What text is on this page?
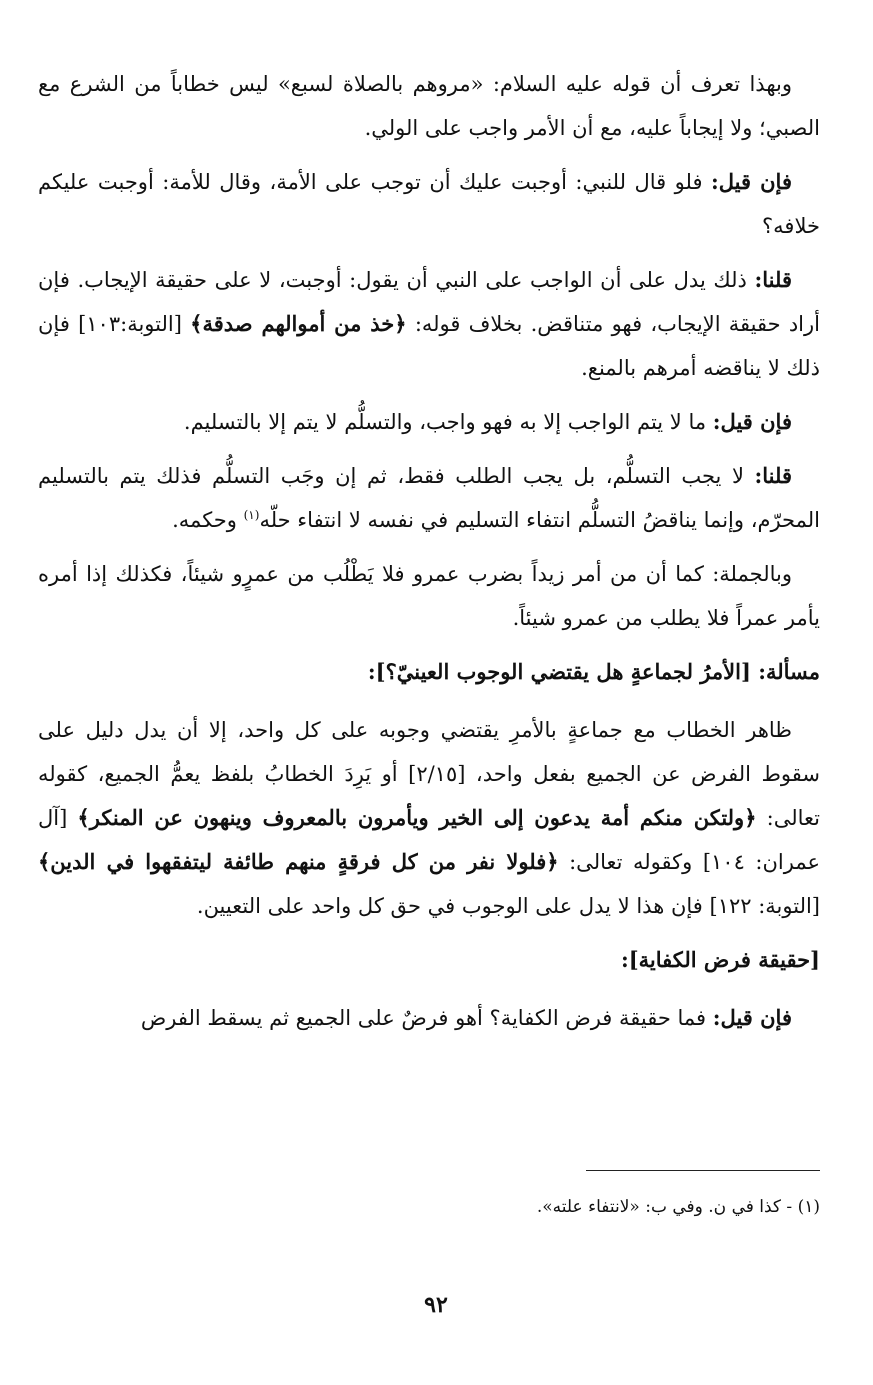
وبهذا تعرف أن قوله عليه السلام: «مروهم بالصلاة لسبع» ليس خطاباً من الشرع مع الصبي؛ ولا إيجاباً عليه، مع أن الأمر واجب على الولي.

فإن قيل: فلو قال للنبي: أوجبت عليك أن توجب على الأمة، وقال للأمة: أوجبت عليكم خلافه؟

قلنا: ذلك يدل على أن الواجب على النبي أن يقول: أوجبت، لا على حقيقة الإيجاب. فإن أراد حقيقة الإيجاب، فهو متناقض. بخلاف قوله: ﴿خذ من أموالهم صدقة﴾ [التوبة:١٠٣] فإن ذلك لا يناقضه أمرهم بالمنع.

فإن قيل: ما لا يتم الواجب إلا به فهو واجب، والتسلُّم لا يتم إلا بالتسليم.

قلنا: لا يجب التسلُّم، بل يجب الطلب فقط، ثم إن وجَب التسلُّم فذلك يتم بالتسليم المحرّم، وإنما يناقضُ التسلُّم انتفاء التسليم في نفسه لا انتفاء حلّه$^{(١)}$ وحكمه.

وبالجملة: كما أن من أمر زيداً بضرب عمرو فلا يَطْلُب من عمرٍو شيئاً، فكذلك إذا أمره يأمر عمراً فلا يطلب من عمرو شيئاً.

مسألة: [الأمرُ لجماعةٍ هل يقتضي الوجوب العينيّ؟]:

ظاهر الخطاب مع جماعةٍ بالأمرِ يقتضي وجوبه على كل واحد، إلا أن يدل دليل على سقوط الفرض عن الجميع بفعل واحد، [٢/١٥] أو يَرِدَ الخطابُ بلفظ يعمُّ الجميع، كقوله تعالى: ﴿ولتكن منكم أمة يدعون إلى الخير ويأمرون بالمعروف وينهون عن المنكر﴾ [آل عمران: ١٠٤] وكقوله تعالى: ﴿فلولا نفر من كل فرقةٍ منهم طائفة ليتفقهوا في الدين﴾ [التوبة: ١٢٢] فإن هذا لا يدل على الوجوب في حق كل واحد على التعيين.

[حقيقة فرض الكفاية]:

فإن قيل: فما حقيقة فرض الكفاية؟ أهو فرضٌ على الجميع ثم يسقط الفرض

(١) - كذا في ن. وفي ب: «لانتفاء علته».
٩٢
